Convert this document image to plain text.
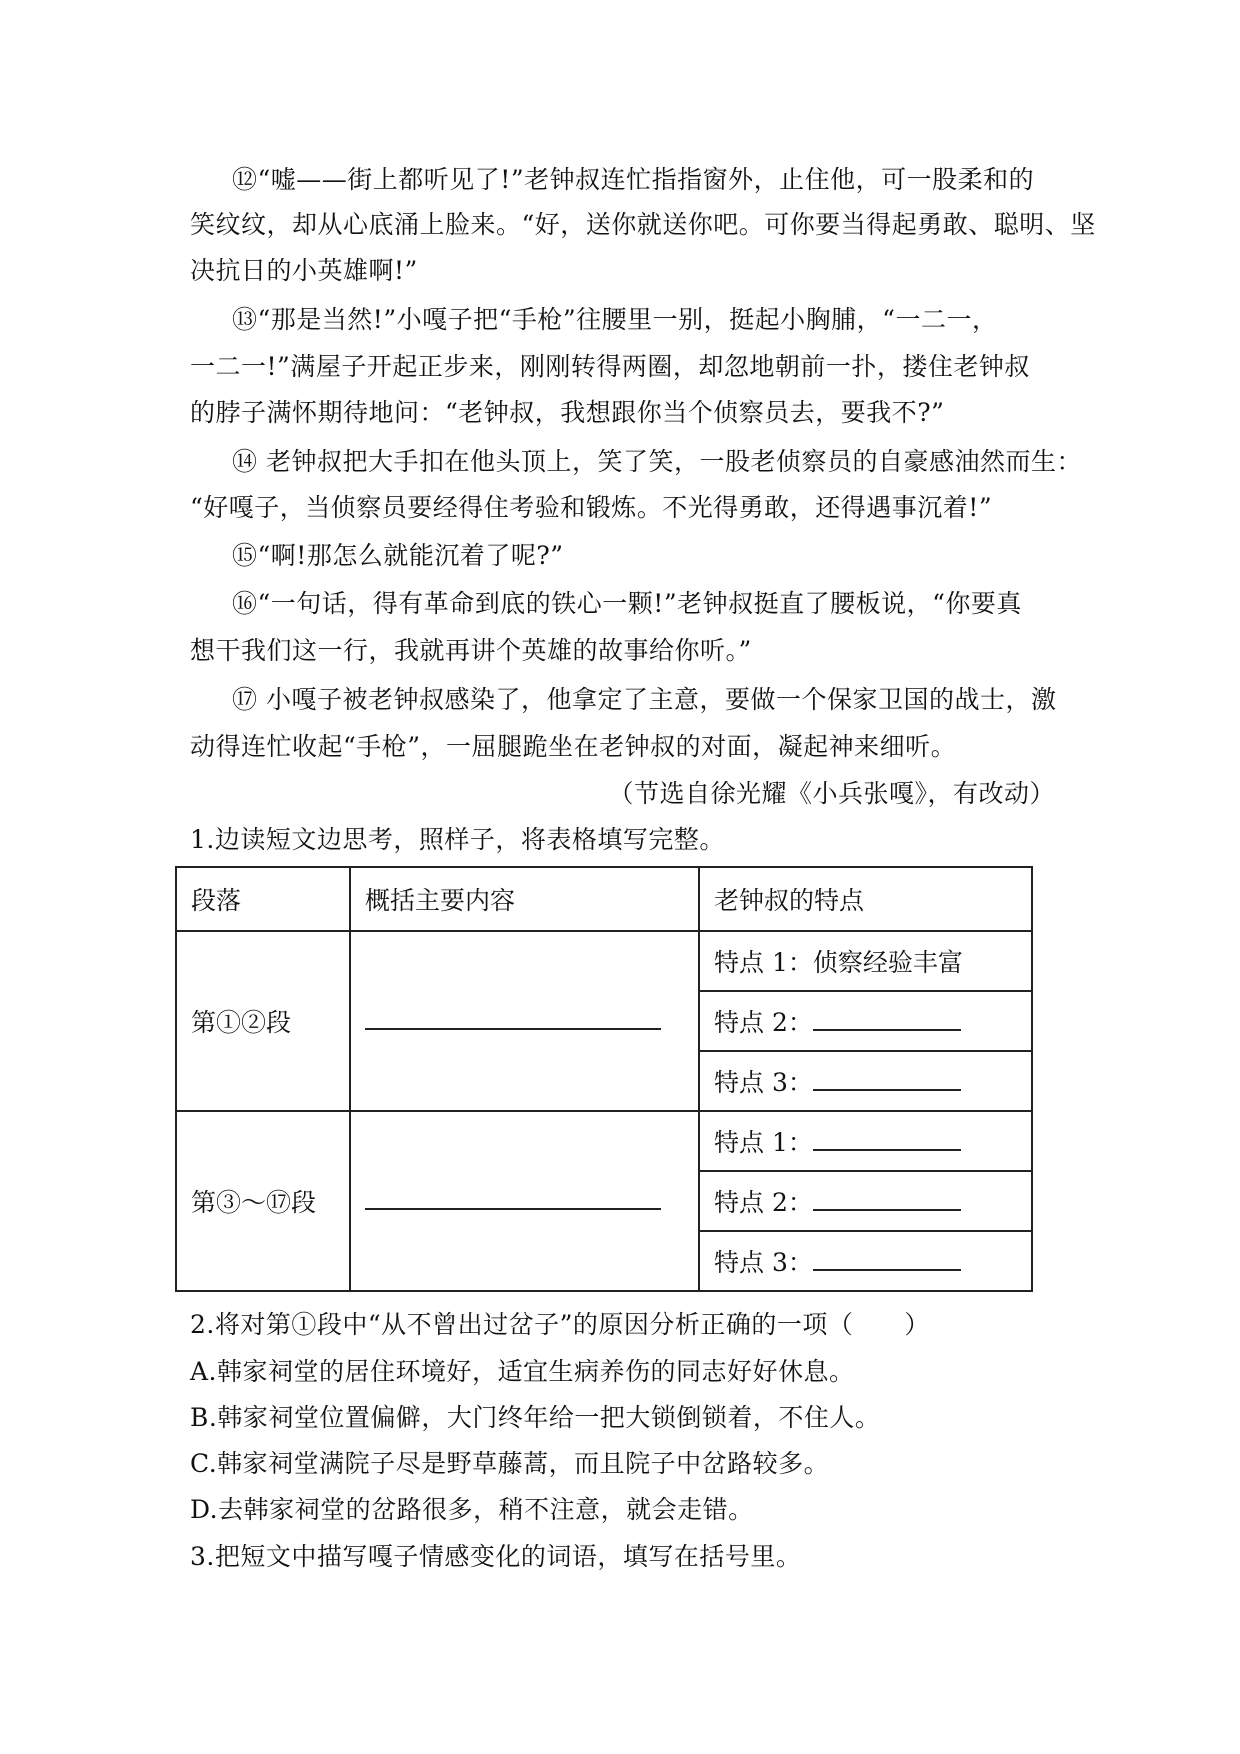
⑫“嘘——街上都听见了!”老钟叔连忙指指窗外，止住他，可一股柔和的
笑纹纹，却从心底涌上脸来。“好，送你就送你吧。可你要当得起勇敢、聪明、坚
决抗日的小英雄啊!”
⑬“那是当然!”小嘎子把“手枪”往腰里一别，挺起小胸脯，“一二一，
一二一!”满屋子开起正步来，刚刚转得两圈，却忽地朝前一扑，搂住老钟叔
的脖子满怀期待地问：“老钟叔，我想跟你当个侦察员去，要我不?”
⑭ 老钟叔把大手扣在他头顶上，笑了笑，一股老侦察员的自豪感油然而生：
“好嘎子，当侦察员要经得住考验和锻炼。不光得勇敢，还得遇事沉着!”
⑮“啊!那怎么就能沉着了呢?”
⑯“一句话，得有革命到底的铁心一颗!”老钟叔挺直了腰板说，“你要真
想干我们这一行，我就再讲个英雄的故事给你听。”
⑰ 小嘎子被老钟叔感染了，他拿定了主意，要做一个保家卫国的战士，激
动得连忙收起“手枪”，一屈腿跪坐在老钟叔的对面，凝起神来细听。
（节选自徐光耀《小兵张嘎》，有改动）
1.边读短文边思考，照样子，将表格填写完整。
段落	概括主要内容	老钟叔的特点
第①②段		特点 1：侦察经验丰富
		特点 2：
		特点 3：
第③～⑰段		特点 1：
		特点 2：
		特点 3：
2.将对第①段中“从不曾出过岔子”的原因分析正确的一项（　　）
A.韩家祠堂的居住环境好，适宜生病养伤的同志好好休息。
B.韩家祠堂位置偏僻，大门终年给一把大锁倒锁着，不住人。
C.韩家祠堂满院子尽是野草藤蒿，而且院子中岔路较多。
D.去韩家祠堂的岔路很多，稍不注意，就会走错。
3.把短文中描写嘎子情感变化的词语，填写在括号里。
